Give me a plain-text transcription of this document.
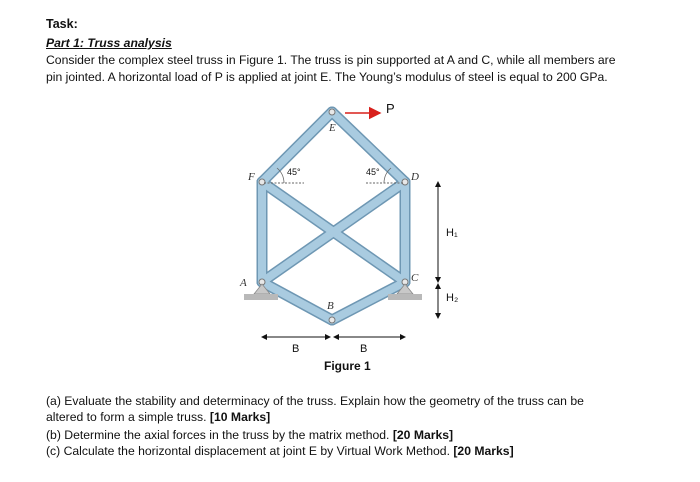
Task:
Part 1: Truss analysis
Consider the complex steel truss in Figure 1. The truss is pin supported at A and C, while all members are
pin jointed. A horizontal load of P is applied at joint E. The Young’s modulus of steel is equal to 200 GPa.
E
F	D
A	C
B
P
45°	45°
B	B
H₁
H₂
Figure 1
(a) Evaluate the stability and determinacy of the truss. Explain how the geometry of the truss can be
altered to form a simple truss. [10 Marks]
(b) Determine the axial forces in the truss by the matrix method. [20 Marks]
(c) Calculate the horizontal displacement at joint E by Virtual Work Method. [20 Marks]
